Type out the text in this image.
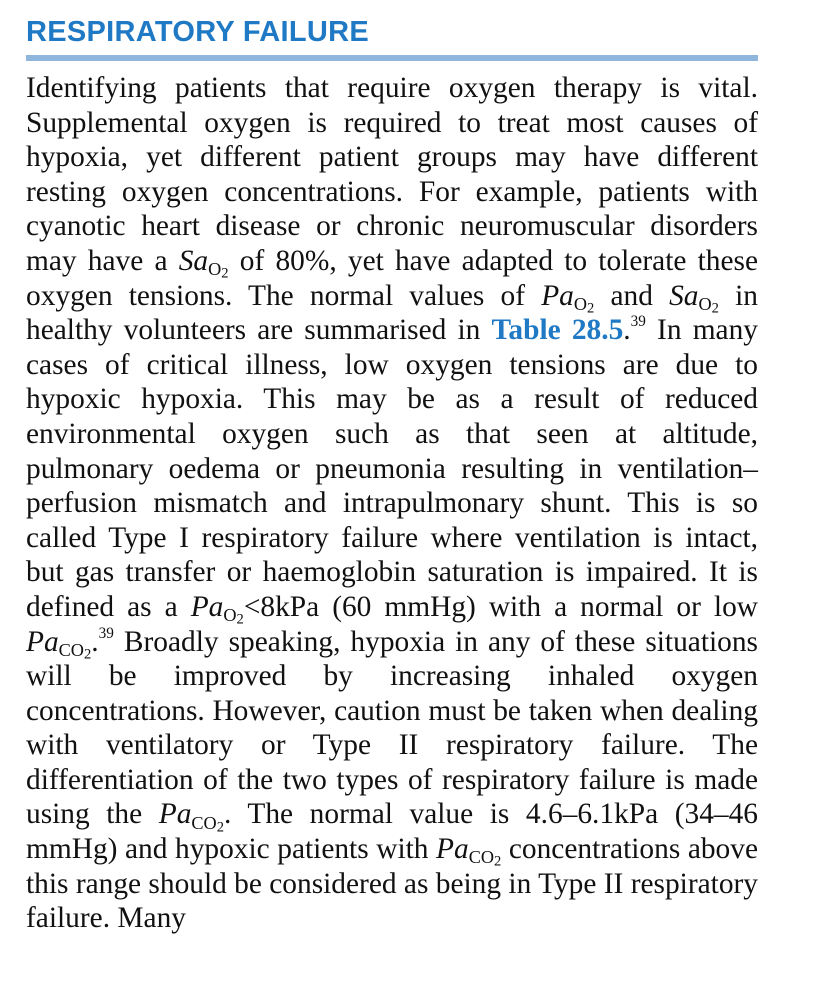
RESPIRATORY FAILURE

Identifying patients that require oxygen therapy is vital. Supplemental oxygen is required to treat most causes of hypoxia, yet different patient groups may have different resting oxygen concentrations. For example, patients with cyanotic heart disease or chronic neuromuscular disorders may have a $Sa_{O2}$ of 80%, yet have adapted to tolerate these oxygen tensions. The normal values of $Pa_{O2}$ and $Sa_{O2}$ in healthy volunteers are summarised in Table 28.5.39 In many cases of critical illness, low oxygen tensions are due to hypoxic hypoxia. This may be as a result of reduced environmental oxygen such as that seen at altitude, pulmonary oedema or pneumonia resulting in ventilation–perfusion mismatch and intrapulmonary shunt. This is so called Type I respiratory failure where ventilation is intact, but gas transfer or haemoglobin saturation is impaired. It is defined as a $Pa_{O2}<8kPa$ (60 mmHg) with a normal or low $Pa_{CO2}.^{39}$ Broadly speaking, hypoxia in any of these situations will be improved by increasing inhaled oxygen concentrations. However, caution must be taken when dealing with ventilatory or Type II respiratory failure. The differentiation of the two types of respiratory failure is made using the $Pa_{CO2}$. The normal value is 4.6–6.1kPa (34–46 mmHg) and hypoxic patients with $Pa_{CO2}$ concentrations above this range should be considered as being in Type II respiratory failure. Many
